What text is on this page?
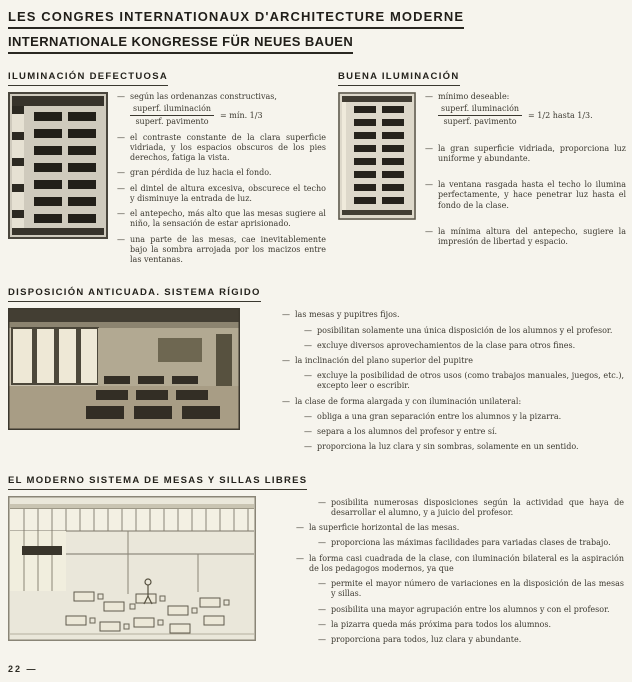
LES CONGRES INTERNATIONAUX D'ARCHITECTURE MODERNE
INTERNATIONALE KONGRESSE FÜR NEUES BAUEN
ILUMINACIÓN DEFECTUOSA
— según las ordenanzas constructivas,
$\frac{\text{superf. iluminación}}{\text{superf. pavimento}}$ = mín. 1/3
— el contraste constante de la clara superficie vidriada, y los espacios obscuros de los pies derechos, fatiga la vista.
— gran pérdida de luz hacia el fondo.
— el dintel de altura excesiva, obscurece el techo y disminuye la entrada de luz.
— el antepecho, más alto que las mesas sugiere al niño, la sensación de estar aprisionado.
— una parte de las mesas, cae inevitablemente bajo la sombra arrojada por los macizos entre las ventanas.
BUENA ILUMINACIÓN
— mínimo deseable:
$\frac{\text{superf. iluminación}}{\text{superf. pavimento}} = 1/2$ hasta 1/3.
— la gran superficie vidriada, proporciona luz uniforme y abundante.
— la ventana rasgada hasta el techo lo ilumina perfectamente, y hace penetrar luz hasta el fondo de la clase.
— la mínima altura del antepecho, sugiere la impresión de libertad y espacio.
DISPOSICIÓN ANTICUADA. SISTEMA RÍGIDO
— las mesas y pupitres fijos.
— posibilitan solamente una única disposición de los alumnos y el profesor.
— excluye diversos aprovechamientos de la clase para otros fines.
— la inclinación del plano superior del pupitre
— excluye la posibilidad de otros usos (como trabajos manuales, juegos, etc.), excepto leer o escribir.
— la clase de forma alargada y con iluminación unilateral:
— obliga a una gran separación entre los alumnos y la pizarra.
— separa a los alumnos del profesor y entre sí.
— proporciona la luz clara y sin sombras, solamente en un sentido.
EL MODERNO SISTEMA DE MESAS Y SILLAS LIBRES
— posibilita numerosas disposiciones según la actividad que haya de desarrollar el alumno, y a juicio del profesor.
— la superficie horizontal de las mesas.
— proporciona las máximas facilidades para variadas clases de trabajo.
— la forma casi cuadrada de la clase, con iluminación bilateral es la aspiración de los pedagogos modernos, ya que
— permite el mayor número de variaciones en la disposición de las mesas y sillas.
— posibilita una mayor agrupación entre los alumnos y con el profesor.
— la pizarra queda más próxima para todos los alumnos.
— proporciona para todos, luz clara y abundante.
22 —
